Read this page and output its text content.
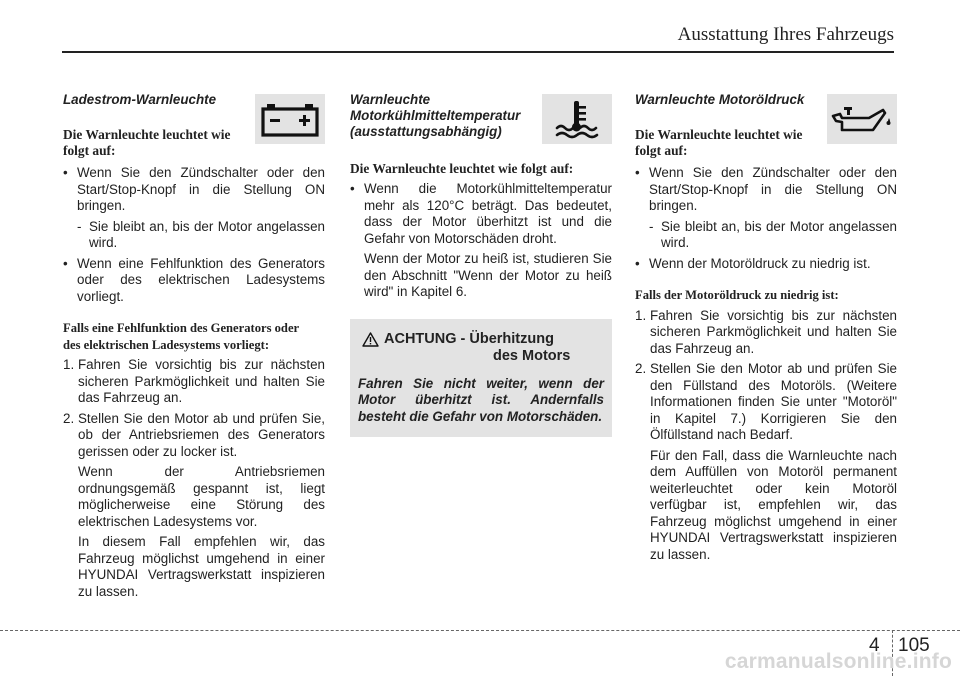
Ausstattung Ihres Fahrzeugs

Ladestrom-Warnleuchte

Die Warnleuchte leuchtet wie
folgt auf:

• Wenn Sie den Zündschalter oder den Start/Stop-Knopf in die Stellung ON bringen.
- Sie bleibt an, bis der Motor angelassen wird.
• Wenn eine Fehlfunktion des Generators oder des elektrischen Ladesystems vorliegt.

Falls eine Fehlfunktion des Generators oder
des elektrischen Ladesystems vorliegt:

1. Fahren Sie vorsichtig bis zur nächsten sicheren Parkmöglichkeit und halten Sie das Fahrzeug an.
2. Stellen Sie den Motor ab und prüfen Sie, ob der Antriebsriemen des Generators gerissen oder zu locker ist.
Wenn der Antriebsriemen ordnungsgemäß gespannt ist, liegt möglicherweise eine Störung des elektrischen Ladesystems vor.
In diesem Fall empfehlen wir, das Fahrzeug möglichst umgehend in einer HYUNDAI Vertragswerkstatt inspizieren zu lassen.

Warnleuchte
Motorkühlmitteltemperatur
(ausstattungsabhängig)

Die Warnleuchte leuchtet wie folgt auf:

• Wenn die Motorkühlmitteltemperatur mehr als 120°C beträgt. Das bedeutet, dass der Motor überhitzt ist und die Gefahr von Motorschäden droht.
Wenn der Motor zu heiß ist, studieren Sie den Abschnitt "Wenn der Motor zu heiß wird" in Kapitel 6.
ACHTUNG - Überhitzung
des Motors
Fahren Sie nicht weiter, wenn der Motor überhitzt ist. Andernfalls besteht die Gefahr von Motorschäden.

Warnleuchte Motoröldruck

Die Warnleuchte leuchtet wie
folgt auf:

• Wenn Sie den Zündschalter oder den Start/Stop-Knopf in die Stellung ON bringen.
- Sie bleibt an, bis der Motor angelassen wird.
• Wenn der Motoröldruck zu niedrig ist.

Falls der Motoröldruck zu niedrig ist:

1. Fahren Sie vorsichtig bis zur nächsten sicheren Parkmöglichkeit und halten Sie das Fahrzeug an.
2. Stellen Sie den Motor ab und prüfen Sie den Füllstand des Motoröls. (Weitere Informationen finden Sie unter "Motoröl" in Kapitel 7.) Korrigieren Sie den Ölfüllstand nach Bedarf.
Für den Fall, dass die Warnleuchte nach dem Auffüllen von Motoröl permanent weiterleuchtet oder kein Motoröl verfügbar ist, empfehlen wir, das Fahrzeug möglichst umgehend in einer HYUNDAI Vertragswerkstatt inspizieren zu lassen.
4 105
carmanualsonline.info
